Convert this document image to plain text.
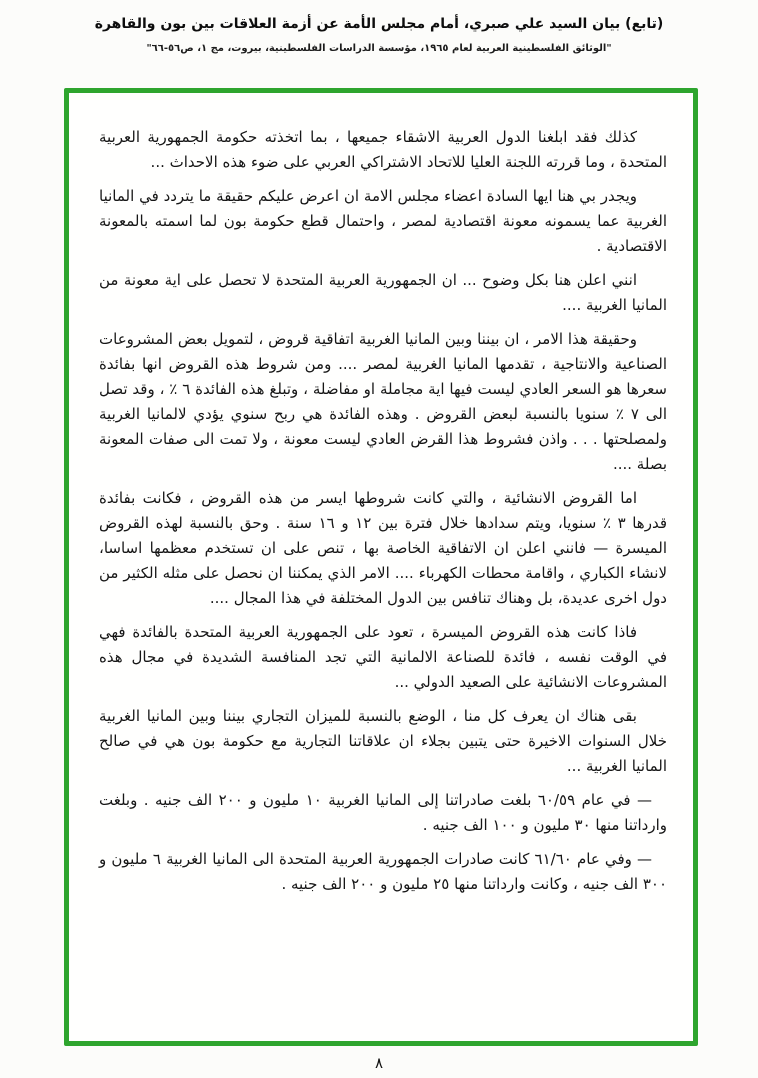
(تابع) بيان السيد علي صبري، أمام مجلس الأمة عن أزمة العلاقات بين بون والقاهرة
"الوثائق الفلسطينية العربية لعام ١٩٦٥، مؤسسة الدراسات الفلسطينية، بيروت، مج ١، ص٥٦-٦٦"

كذلك فقد ابلغنا الدول العربية الاشقاء جميعها ، بما اتخذته حكومة الجمهورية العربية المتحدة ، وما قررته اللجنة العليا للاتحاد الاشتراكي العربي على ضوء هذه الاحداث ...

ويجدر بي هنا ايها السادة اعضاء مجلس الامة ان اعرض عليكم حقيقة ما يتردد في المانيا الغربية عما يسمونه معونة اقتصادية لمصر ، واحتمال قطع حكومة بون لما اسمته بالمعونة الاقتصادية .

انني اعلن هنا بكل وضوح ... ان الجمهورية العربية المتحدة لا تحصل على اية معونة من المانيا الغربية ....

وحقيقة هذا الامر ، ان بيننا وبين المانيا الغربية اتفاقية قروض ، لتمويل بعض المشروعات الصناعية والانتاجية ، تقدمها المانيا الغربية لمصر .... ومن شروط هذه القروض انها بفائدة سعرها هو السعر العادي ليست فيها اية مجاملة او مفاضلة ، وتبلغ هذه الفائدة ٦ ٪ ، وقد تصل الى ٧ ٪ سنويا بالنسبة لبعض القروض . وهذه الفائدة هي ربح سنوي يؤدي لالمانيا الغربية ولمصلحتها . . . واذن فشروط هذا القرض العادي ليست معونة ، ولا تمت الى صفات المعونة بصلة ....

اما القروض الانشائية ، والتي كانت شروطها ايسر من هذه القروض ، فكانت بفائدة قدرها ٣ ٪ سنويا، ويتم سدادها خلال فترة بين ١٢ و ١٦ سنة . وحق بالنسبة لهذه القروض الميسرة — فانني اعلن ان الاتفاقية الخاصة بها ، تنص على ان تستخدم معظمها اساسا، لانشاء الكباري ، واقامة محطات الكهرباء .... الامر الذي يمكننا ان نحصل على مثله الكثير من دول اخرى عديدة، بل وهناك تنافس بين الدول المختلفة في هذا المجال ....

فاذا كانت هذه القروض الميسرة ، تعود على الجمهورية العربية المتحدة بالفائدة فهي في الوقت نفسه ، فائدة للصناعة الالمانية التي تجد المنافسة الشديدة في مجال هذه المشروعات الانشائية على الصعيد الدولي ...

بقى هناك ان يعرف كل منا ، الوضع بالنسبة للميزان التجاري بيننا وبين المانيا الغربية خلال السنوات الاخيرة حتى يتبين بجلاء ان علاقاتنا التجارية مع حكومة بون هي في صالح المانيا الغربية ...

— في عام ٦٠/٥٩ بلغت صادراتنا إلى المانيا الغربية ١٠ مليون و ٢٠٠ الف جنيه . وبلغت وارداتنا منها ٣٠ مليون و ١٠٠ الف جنيه .

— وفي عام ٦١/٦٠ كانت صادرات الجمهورية العربية المتحدة الى المانيا الغربية ٦ مليون و ٣٠٠ الف جنيه ، وكانت وارداتنا منها ٢٥ مليون و ٢٠٠ الف جنيه .

٨
